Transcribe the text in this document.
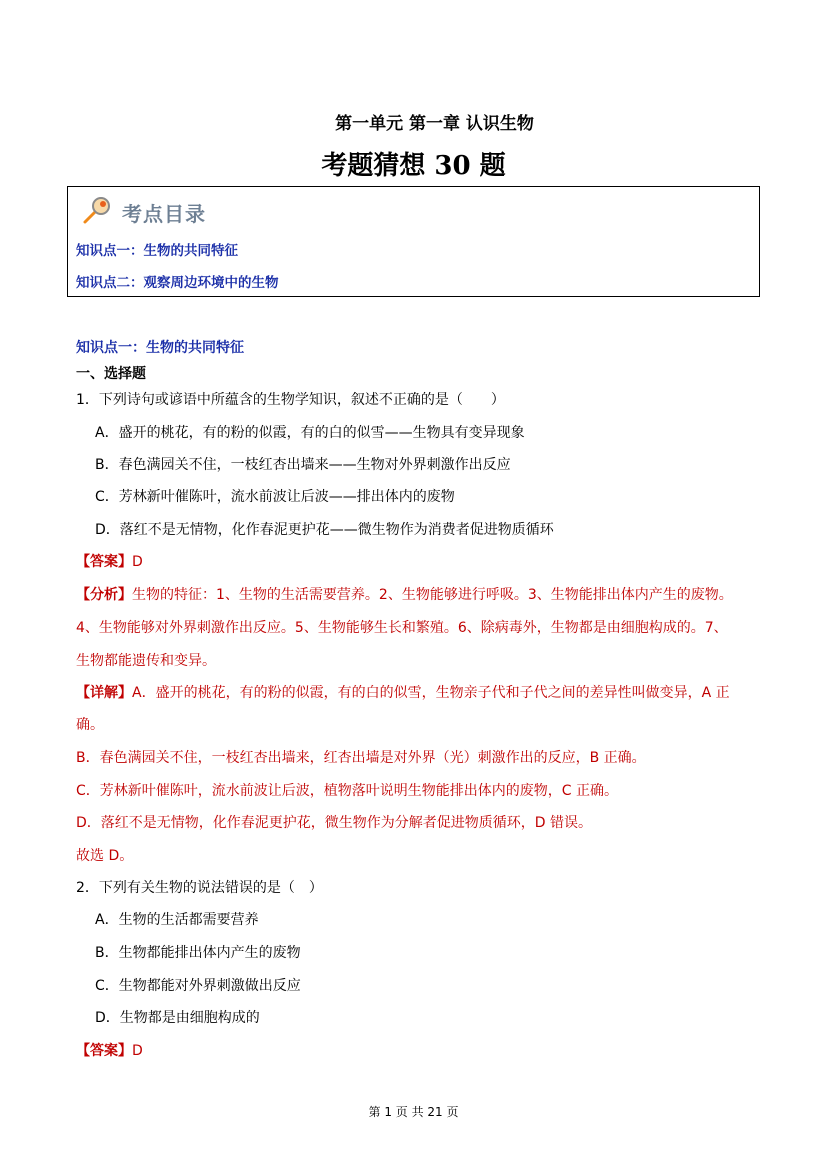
第一单元 第一章 认识生物
考题猜想 30 题
考点目录
知识点一：生物的共同特征
知识点二：观察周边环境中的生物
知识点一：生物的共同特征
一、选择题
1．下列诗句或谚语中所蕴含的生物学知识，叙述不正确的是（　　）
A．盛开的桃花，有的粉的似霞，有的白的似雪——生物具有变异现象
B．春色满园关不住，一枝红杏出墙来——生物对外界刺激作出反应
C．芳林新叶催陈叶，流水前波让后波——排出体内的废物
D．落红不是无情物，化作春泥更护花——微生物作为消费者促进物质循环
【答案】D
【分析】生物的特征：1、生物的生活需要营养。2、生物能够进行呼吸。3、生物能排出体内产生的废物。
4、生物能够对外界刺激作出反应。5、生物能够生长和繁殖。6、除病毒外，生物都是由细胞构成的。7、
生物都能遗传和变异。
【详解】A．盛开的桃花，有的粉的似霞，有的白的似雪，生物亲子代和子代之间的差异性叫做变异，A 正
确。
B．春色满园关不住，一枝红杏出墙来，红杏出墙是对外界（光）刺激作出的反应，B 正确。
C．芳林新叶催陈叶，流水前波让后波，植物落叶说明生物能排出体内的废物，C 正确。
D．落红不是无情物，化作春泥更护花，微生物作为分解者促进物质循环，D 错误。
故选 D。
2．下列有关生物的说法错误的是（　）
A．生物的生活都需要营养
B．生物都能排出体内产生的废物
C．生物都能对外界刺激做出反应
D．生物都是由细胞构成的
【答案】D
第 1 页 共 21 页
